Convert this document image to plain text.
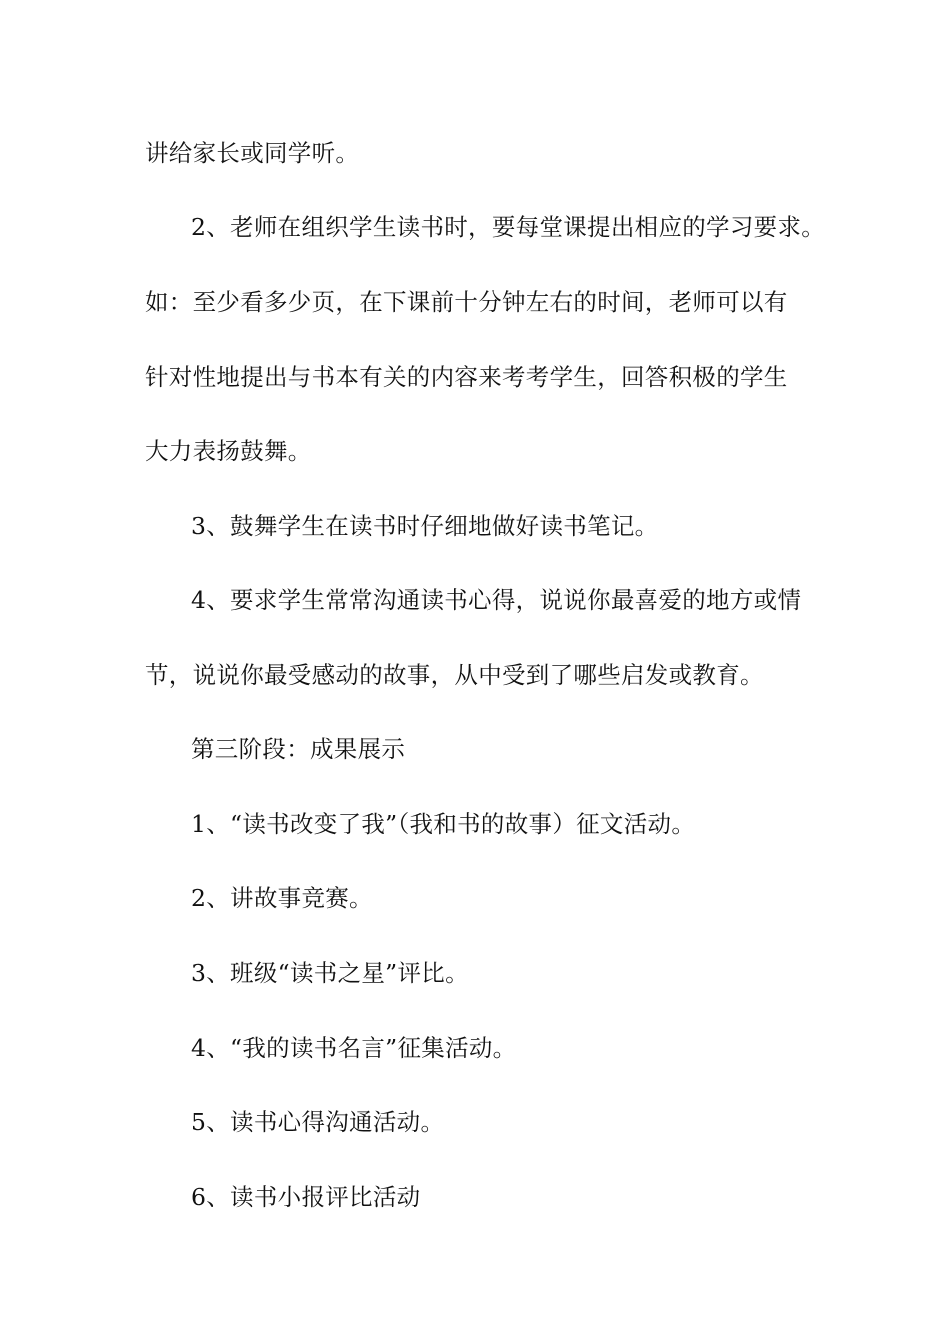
讲给家长或同学听。
2、老师在组织学生读书时，要每堂课提出相应的学习要求。
如：至少看多少页，在下课前十分钟左右的时间，老师可以有
针对性地提出与书本有关的内容来考考学生，回答积极的学生
大力表扬鼓舞。
3、鼓舞学生在读书时仔细地做好读书笔记。
4、要求学生常常沟通读书心得，说说你最喜爱的地方或情
节，说说你最受感动的故事，从中受到了哪些启发或教育。
第三阶段：成果展示
1、“读书改变了我”（我和书的故事）征文活动。
2、讲故事竞赛。
3、班级“读书之星”评比。
4、“我的读书名言”征集活动。
5、读书心得沟通活动。
6、读书小报评比活动
